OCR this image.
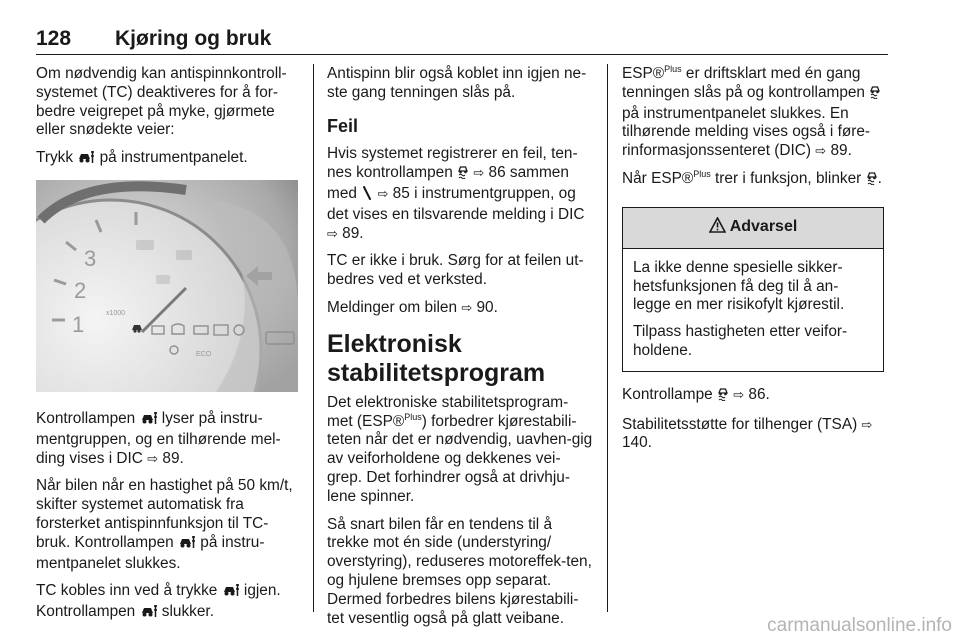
128 Kjøring og bruk

Om nødvendig kan antispinnkontroll-systemet (TC) deaktiveres for å for-bedre veigrepet på myke, gjørmete eller snødekte veier:

Trykk  på instrumentpanelet.

3
2
1	x1000
ECO

Kontrollampen  lyser på instru-mentgruppen, og en tilhørende mel-ding vises i DIC ⇨ 89.

Når bilen når en hastighet på 50 km/t, skifter systemet automatisk fra forsterket antispinnfunksjon til TC-bruk. Kontrollampen  på instru-mentpanelet slukkes.

TC kobles inn ved å trykke  igjen. Kontrollampen  slukker.

Antispinn blir også koblet inn igjen ne-ste gang tenningen slås på.

Feil

Hvis systemet registrerer en feil, ten-nes kontrollampen  ⇨ 86 sammen med  ⇨ 85 i instrumentgruppen, og det vises en tilsvarende melding i DIC ⇨ 89.

TC er ikke i bruk. Sørg for at feilen ut-bedres ved et verksted.

Meldinger om bilen ⇨ 90.

Elektronisk stabilitetsprogram

Det elektroniske stabilitetsprogram-met (ESP®$^{Plus}$) forbedrer kjørestabili-teten når det er nødvendig, uavhen-gig av veiforholdene og dekkenes vei-grep. Det forhindrer også at drivhju-lene spinner.

Så snart bilen får en tendens til å trekke mot én side (understyring/ overstyring), reduseres motoreffek-ten, og hjulene bremses opp separat. Dermed forbedres bilens kjørestabili-tet vesentlig også på glatt veibane.

ESP®$^{Plus}$ er driftsklart med én gang tenningen slås på og kontrollampen  på instrumentpanelet slukkes. En tilhørende melding vises også i føre-rinformasjonssenteret (DIC) ⇨ 89.

Når ESP®$^{Plus}$ trer i funksjon, blinker .

Advarsel

La ikke denne spesielle sikker-hetsfunksjonen få deg til å an-legge en mer risikofylt kjørestil.

Tilpass hastigheten etter veifor-holdene.

Kontrollampe  ⇨ 86.

Stabilitetsstøtte for tilhenger (TSA) ⇨ 140.

carmanualsonline.info
